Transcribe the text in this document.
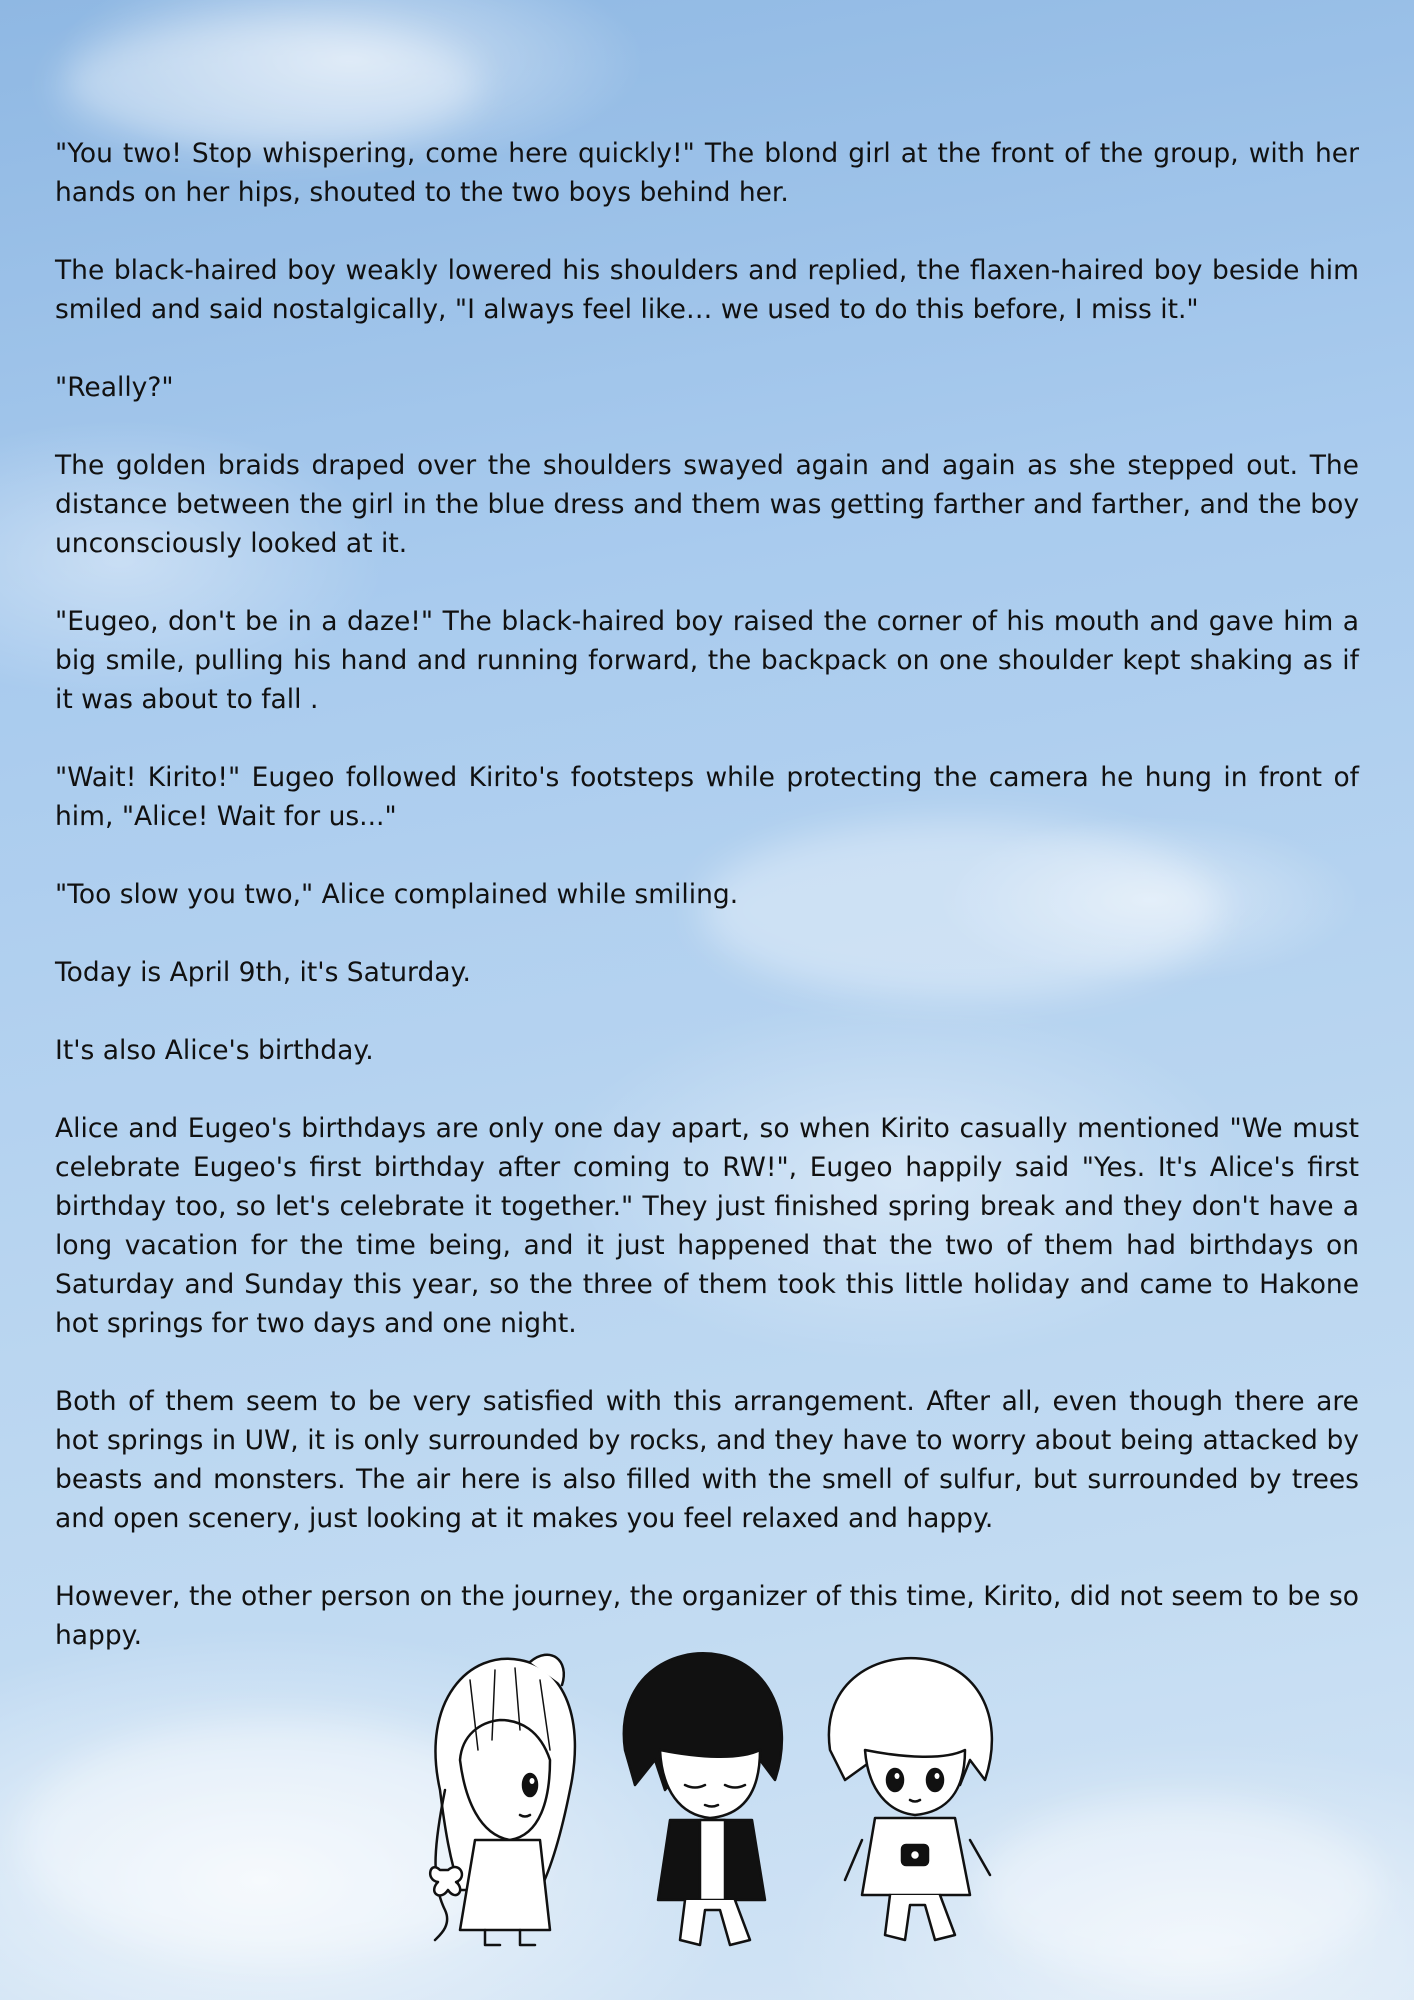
"You two! Stop whispering, come here quickly!" The blond girl at the front of the group, with her hands on her hips, shouted to the two boys behind her.

The black-haired boy weakly lowered his shoulders and replied, the flaxen-haired boy beside him smiled and said nostalgically, "I always feel like… we used to do this before, I miss it."

"Really?"

The golden braids draped over the shoulders swayed again and again as she stepped out. The distance between the girl in the blue dress and them was getting farther and farther, and the boy unconsciously looked at it.

"Eugeo, don't be in a daze!" The black-haired boy raised the corner of his mouth and gave him a big smile, pulling his hand and running forward, the backpack on one shoulder kept shaking as if it was about to fall .

"Wait! Kirito!" Eugeo followed Kirito's footsteps while protecting the camera he hung in front of him, "Alice! Wait for us..."

"Too slow you two," Alice complained while smiling.

Today is April 9th, it's Saturday.

It's also Alice's birthday.

Alice and Eugeo's birthdays are only one day apart, so when Kirito casually mentioned "We must celebrate Eugeo's first birthday after coming to RW!", Eugeo happily said "Yes. It's Alice's first birthday too, so let's celebrate it together." They just finished spring break and they don't have a long vacation for the time being, and it just happened that the two of them had birthdays on Saturday and Sunday this year, so the three of them took this little holiday and came to Hakone hot springs for two days and one night.

Both of them seem to be very satisfied with this arrangement. After all, even though there are hot springs in UW, it is only surrounded by rocks, and they have to worry about being attacked by beasts and monsters. The air here is also filled with the smell of sulfur, but surrounded by trees and open scenery, just looking at it makes you feel relaxed and happy.

However, the other person on the journey, the organizer of this time, Kirito, did not seem to be so happy.
